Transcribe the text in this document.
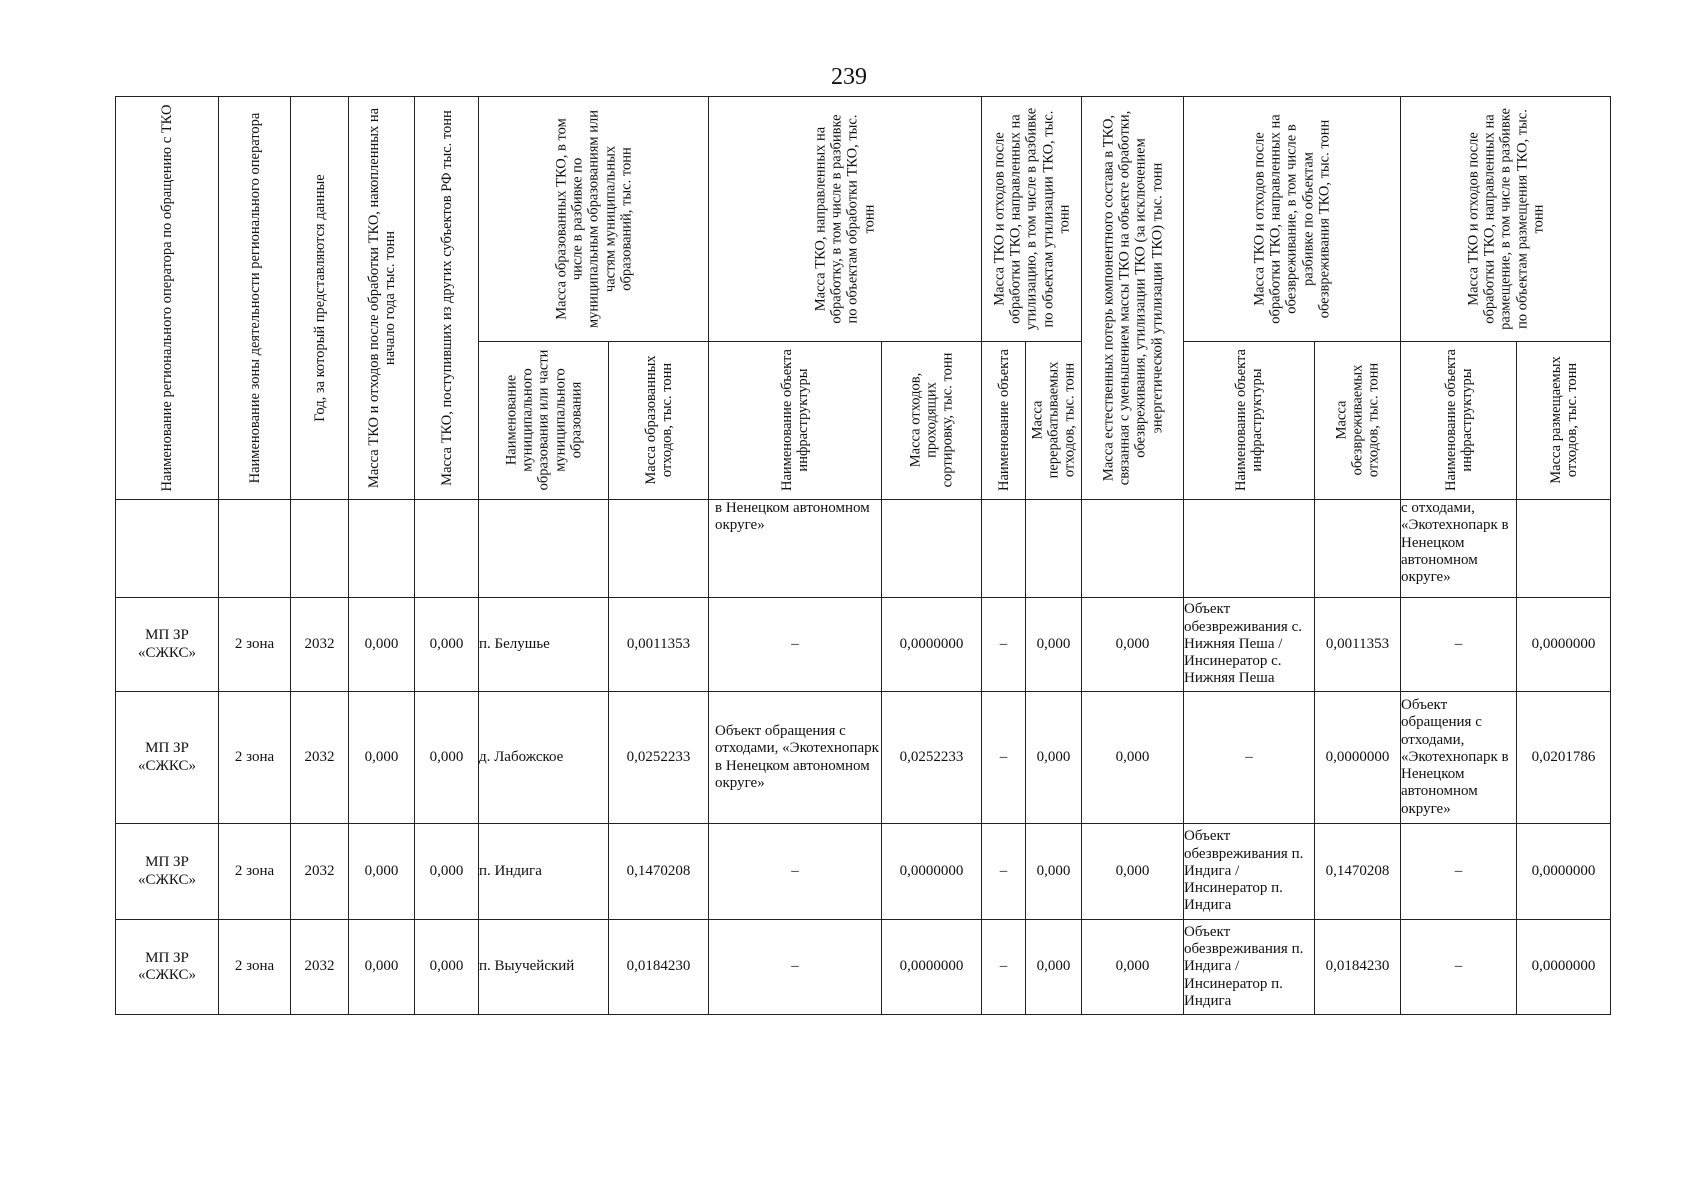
239
Наименование регионального оператора по обращению с ТКО	Наименование зоны деятельности регионального оператора	Год, за который представляются данные	Масса ТКО и отходов после обработки ТКО, накопленных на начало года тыс. тонн	Масса ТКО, поступивших из других субъектов РФ тыс. тонн	Масса образованных ТКО, в том числе в разбивке по муниципальным образованиям или частям муниципальных образований, тыс. тонн		Масса ТКО, направленных на обработку, в том числе в разбивке по объектам обработки ТКО, тыс. тонн		Масса ТКО и отходов после обработки ТКО, направленных на утилизацию, в том числе в разбивке по объектам утилизации ТКО, тыс. тонн		Масса естественных потерь компонентного состава в ТКО, связанная с уменьшением массы ТКО на объекте обработки, обезвреживания, утилизации ТКО (за исключением энергетической утилизации ТКО) тыс. тонн	Масса ТКО и отходов после обработки ТКО, направленных на обезвреживание, в том числе в разбивке по объектам обезвреживания ТКО, тыс. тонн		Масса ТКО и отходов после обработки ТКО, направленных на размещение, в том числе в разбивке по объектам размещения ТКО, тыс. тонн	

					Наименование муниципального образования или части муниципального образования	Масса образованных отходов, тыс. тонн	Наименование объекта инфраструктуры	Масса отходов, проходящих сортировку, тыс. тонн	Наименование объекта	Масса перерабатываемых отходов, тыс. тонн		Наименование объекта инфраструктуры	Масса обезвреживаемых отходов, тыс. тонн	Наименование объекта инфраструктуры	Масса размещаемых отходов, тыс. тонн

							в Ненецком автономном округе»							с отходами, «Экотехнопарк в Ненецком автономном округе»	
МП ЗР «СЖКС»	2 зона	2032	0,000	0,000	п. Белушье	0,0011353	–	0,0000000	–	0,000	0,000	Объект обезвреживания с. Нижняя Пеша / Инсинератор с. Нижняя Пеша	0,0011353	–	0,0000000
МП ЗР «СЖКС»	2 зона	2032	0,000	0,000	д. Лабожское	0,0252233	Объект обращения с отходами, «Экотехнопарк в Ненецком автономном округе»	0,0252233	–	0,000	0,000	–	0,0000000	Объект обращения с отходами, «Экотехнопарк в Ненецком автономном округе»	0,0201786
МП ЗР «СЖКС»	2 зона	2032	0,000	0,000	п. Индига	0,1470208	–	0,0000000	–	0,000	0,000	Объект обезвреживания п. Индига / Инсинератор п. Индига	0,1470208	–	0,0000000
МП ЗР «СЖКС»	2 зона	2032	0,000	0,000	п. Выучейский	0,0184230	–	0,0000000	–	0,000	0,000	Объект обезвреживания п. Индига / Инсинератор п. Индига	0,0184230	–	0,0000000
